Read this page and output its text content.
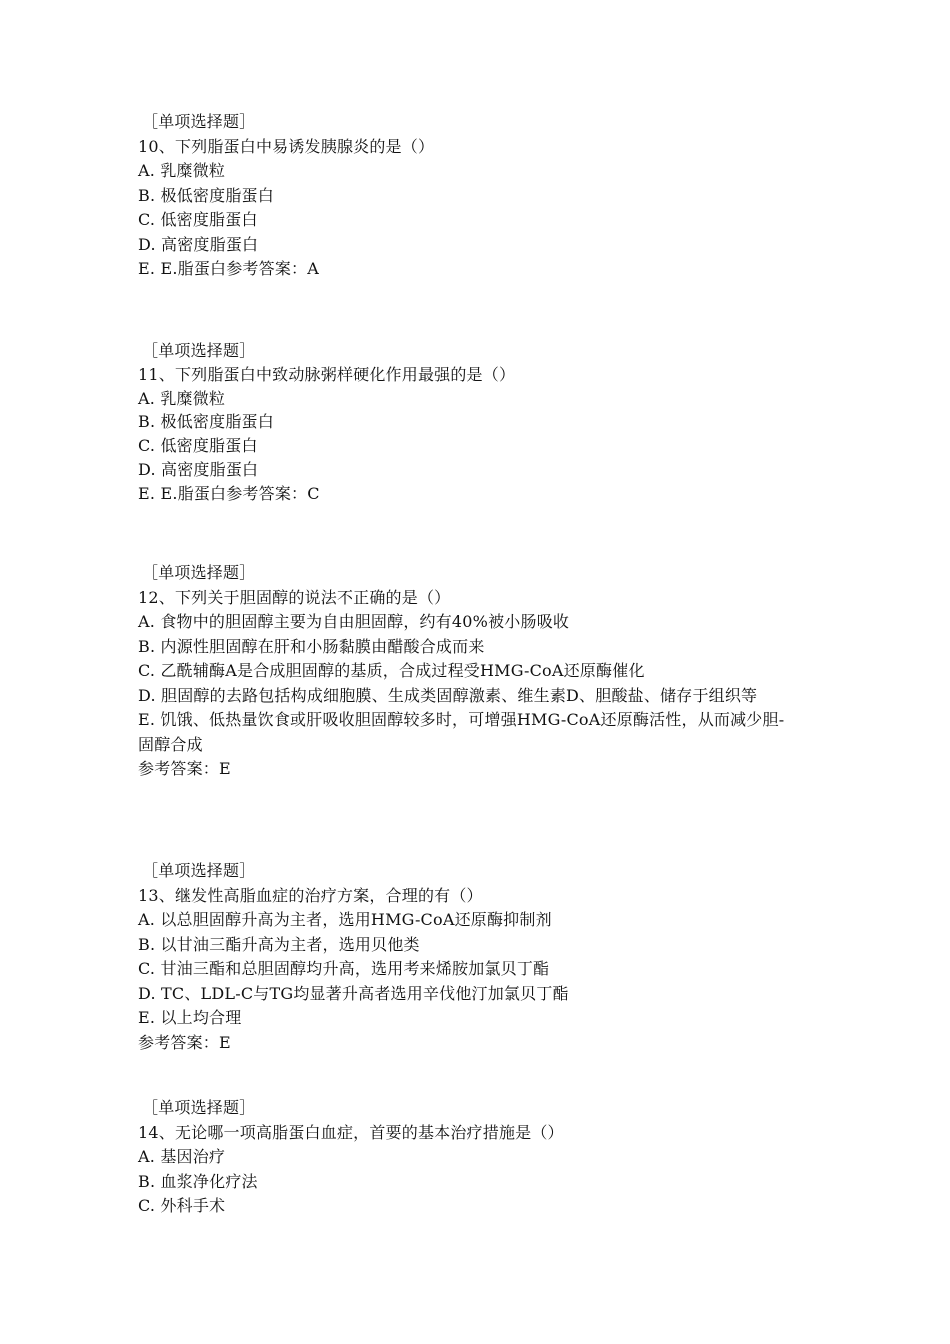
［单项选择题］
10、下列脂蛋白中易诱发胰腺炎的是（）
A. 乳糜微粒
B. 极低密度脂蛋白
C. 低密度脂蛋白
D. 高密度脂蛋白
E. E.脂蛋白参考答案：A
［单项选择题］
11、下列脂蛋白中致动脉粥样硬化作用最强的是（）
A. 乳糜微粒
B. 极低密度脂蛋白
C. 低密度脂蛋白
D. 高密度脂蛋白
E. E.脂蛋白参考答案：C
［单项选择题］
12、下列关于胆固醇的说法不正确的是（）
A. 食物中的胆固醇主要为自由胆固醇，约有40%被小肠吸收
B. 内源性胆固醇在肝和小肠黏膜由醋酸合成而来
C. 乙酰辅酶A是合成胆固醇的基质，合成过程受HMG-CoA还原酶催化
D. 胆固醇的去路包括构成细胞膜、生成类固醇激素、维生素D、胆酸盐、储存于组织等
E. 饥饿、低热量饮食或肝吸收胆固醇较多时，可增强HMG-CoA还原酶活性，从而减少胆-固醇合成
参考答案：E
［单项选择题］
13、继发性高脂血症的治疗方案，合理的有（）
A. 以总胆固醇升高为主者，选用HMG-CoA还原酶抑制剂
B. 以甘油三酯升高为主者，选用贝他类
C. 甘油三酯和总胆固醇均升高，选用考来烯胺加氯贝丁酯
D. TC、LDL-C与TG均显著升高者选用辛伐他汀加氯贝丁酯
E. 以上均合理
参考答案：E
［单项选择题］
14、无论哪一项高脂蛋白血症，首要的基本治疗措施是（）
A. 基因治疗
B. 血浆净化疗法
C. 外科手术
